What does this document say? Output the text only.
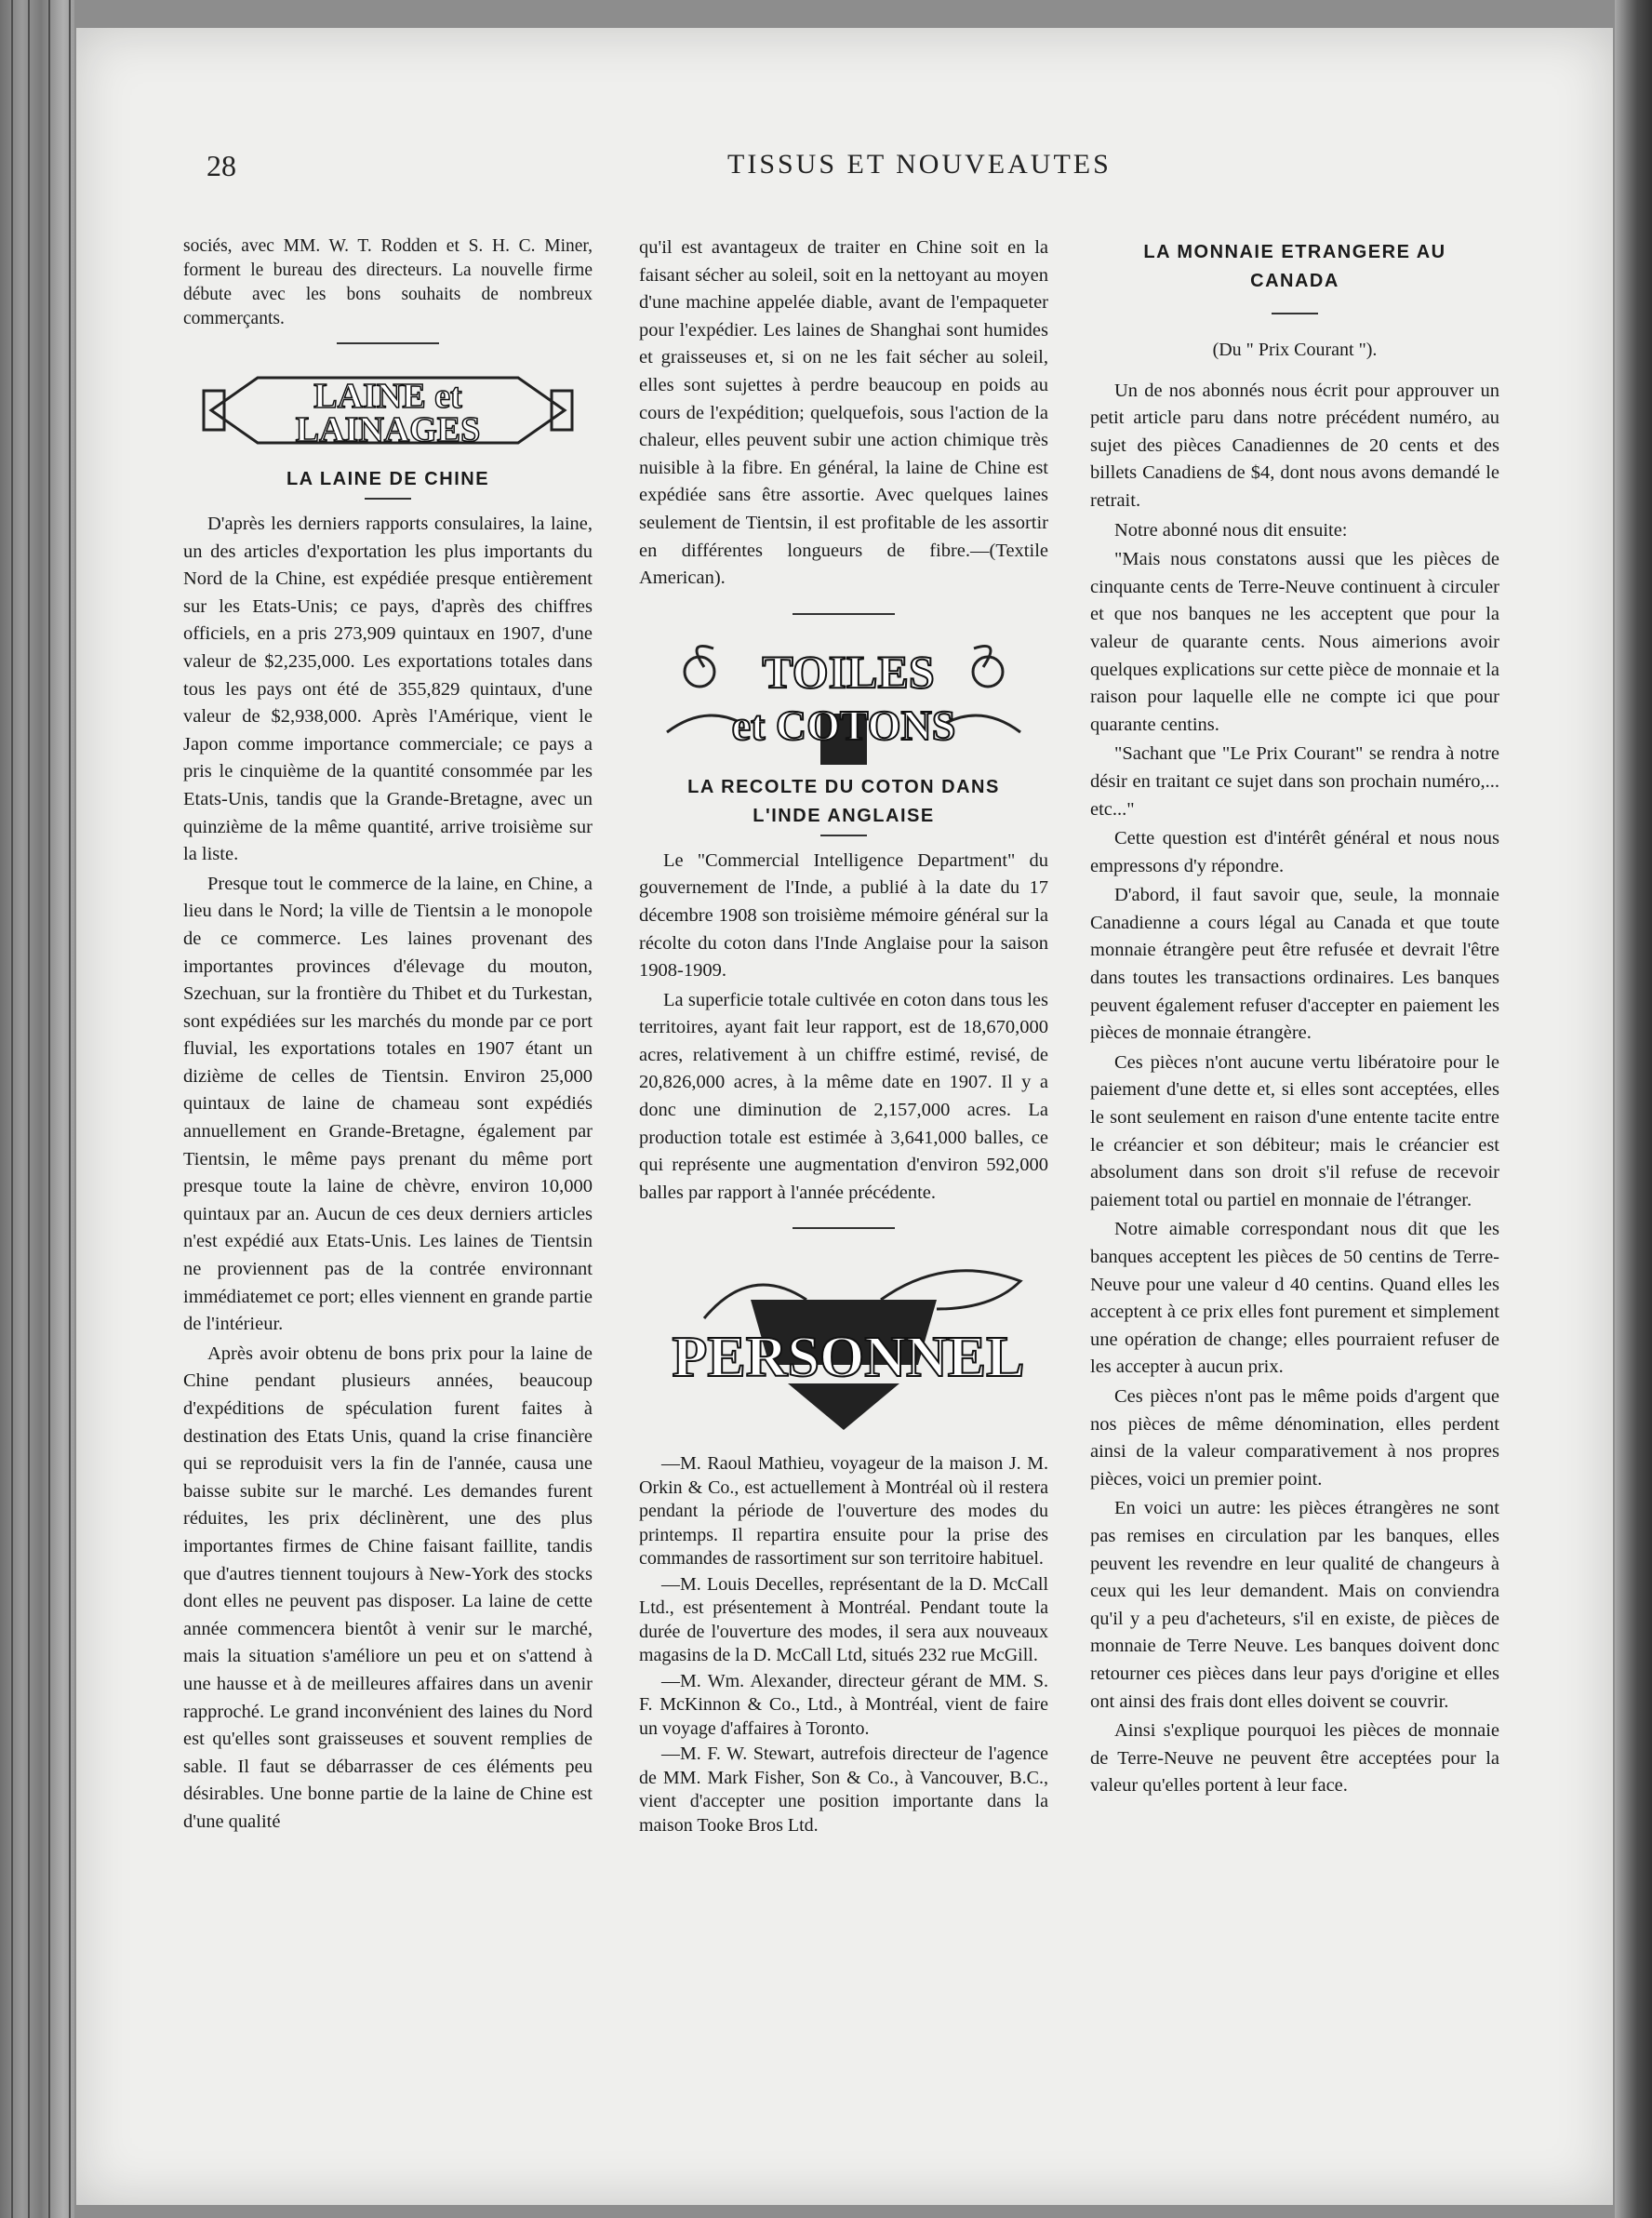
28	TISSUS ET NOUVEAUTES

sociés, avec MM. W. T. Rodden et S. H. C. Miner, forment le bureau des directeurs. La nouvelle firme débute avec les bons souhaits de nombreux commerçants.

LAINE et
LAINAGES
LA LAINE DE CHINE

D'après les derniers rapports consulaires, la laine, un des articles d'exportation les plus importants du Nord de la Chine, est expédiée presque entièrement sur les Etats-Unis; ce pays, d'après des chiffres officiels, en a pris 273,909 quintaux en 1907, d'une valeur de $2,235,000. Les exportations totales dans tous les pays ont été de 355,829 quintaux, d'une valeur de $2,938,000. Après l'Amérique, vient le Japon comme importance commerciale; ce pays a pris le cinquième de la quantité consommée par les Etats-Unis, tandis que la Grande-Bretagne, avec un quinzième de la même quantité, arrive troisième sur la liste.

Presque tout le commerce de la laine, en Chine, a lieu dans le Nord; la ville de Tientsin a le monopole de ce commerce. Les laines provenant des importantes provinces d'élevage du mouton, Szechuan, sur la frontière du Thibet et du Turkestan, sont expédiées sur les marchés du monde par ce port fluvial, les exportations totales en 1907 étant un dizième de celles de Tientsin. Environ 25,000 quintaux de laine de chameau sont expédiés annuellement en Grande-Bretagne, également par Tientsin, le même pays prenant du même port presque toute la laine de chèvre, environ 10,000 quintaux par an. Aucun de ces deux derniers articles n'est expédié aux Etats-Unis. Les laines de Tientsin ne proviennent pas de la contrée environnant immédiatemet ce port; elles viennent en grande partie de l'intérieur.

Après avoir obtenu de bons prix pour la laine de Chine pendant plusieurs années, beaucoup d'expéditions de spéculation furent faites à destination des Etats Unis, quand la crise financière qui se reproduisit vers la fin de l'année, causa une baisse subite sur le marché. Les demandes furent réduites, les prix déclinèrent, une des plus importantes firmes de Chine faisant faillite, tandis que d'autres tiennent toujours à New-York des stocks dont elles ne peuvent pas disposer. La laine de cette année commencera bientôt à venir sur le marché, mais la situation s'améliore un peu et on s'attend à une hausse et à de meilleures affaires dans un avenir rapproché. Le grand inconvénient des laines du Nord est qu'elles sont graisseuses et souvent remplies de sable. Il faut se débarrasser de ces éléments peu désirables. Une bonne partie de la laine de Chine est d'une qualité

qu'il est avantageux de traiter en Chine soit en la faisant sécher au soleil, soit en la nettoyant au moyen d'une machine appelée diable, avant de l'empaqueter pour l'expédier. Les laines de Shanghai sont humides et graisseuses et, si on ne les fait sécher au soleil, elles sont sujettes à perdre beaucoup en poids au cours de l'expédition; quelquefois, sous l'action de la chaleur, elles peuvent subir une action chimique très nuisible à la fibre. En général, la laine de Chine est expédiée sans être assortie. Avec quelques laines seulement de Tientsin, il est profitable de les assortir en différentes longueurs de fibre.—(Textile American).

TOILES
et COTONS
LA RECOLTE DU COTON DANS
L'INDE ANGLAISE

Le "Commercial Intelligence Department" du gouvernement de l'Inde, a publié à la date du 17 décembre 1908 son troisième mémoire général sur la récolte du coton dans l'Inde Anglaise pour la saison 1908-1909.

La superficie totale cultivée en coton dans tous les territoires, ayant fait leur rapport, est de 18,670,000 acres, relativement à un chiffre estimé, revisé, de 20,826,000 acres, à la même date en 1907. Il y a donc une diminution de 2,157,000 acres. La production totale est estimée à 3,641,000 balles, ce qui représente une augmentation d'environ 592,000 balles par rapport à l'année précédente.

PERSONNEL

—M. Raoul Mathieu, voyageur de la maison J. M. Orkin & Co., est actuellement à Montréal où il restera pendant la période de l'ouverture des modes du printemps. Il repartira ensuite pour la prise des commandes de rassortiment sur son territoire habituel.

—M. Louis Decelles, représentant de la D. McCall Ltd., est présentement à Montréal. Pendant toute la durée de l'ouverture des modes, il sera aux nouveaux magasins de la D. McCall Ltd, situés 232 rue McGill.

—M. Wm. Alexander, directeur gérant de MM. S. F. McKinnon & Co., Ltd., à Montréal, vient de faire un voyage d'affaires à Toronto.

—M. F. W. Stewart, autrefois directeur de l'agence de MM. Mark Fisher, Son & Co., à Vancouver, B.C., vient d'accepter une position importante dans la maison Tooke Bros Ltd.

LA MONNAIE ETRANGERE AU
CANADA
(Du " Prix Courant ").

Un de nos abonnés nous écrit pour approuver un petit article paru dans notre précédent numéro, au sujet des pièces Canadiennes de 20 cents et des billets Canadiens de $4, dont nous avons demandé le retrait.

Notre abonné nous dit ensuite:

"Mais nous constatons aussi que les pièces de cinquante cents de Terre-Neuve continuent à circuler et que nos banques ne les acceptent que pour la valeur de quarante cents. Nous aimerions avoir quelques explications sur cette pièce de monnaie et la raison pour laquelle elle ne compte ici que pour quarante centins.

"Sachant que "Le Prix Courant" se rendra à notre désir en traitant ce sujet dans son prochain numéro,... etc..."

Cette question est d'intérêt général et nous nous empressons d'y répondre.

D'abord, il faut savoir que, seule, la monnaie Canadienne a cours légal au Canada et que toute monnaie étrangère peut être refusée et devrait l'être dans toutes les transactions ordinaires. Les banques peuvent également refuser d'accepter en paiement les pièces de monnaie étrangère.

Ces pièces n'ont aucune vertu libératoire pour le paiement d'une dette et, si elles sont acceptées, elles le sont seulement en raison d'une entente tacite entre le créancier et son débiteur; mais le créancier est absolument dans son droit s'il refuse de recevoir paiement total ou partiel en monnaie de l'étranger.

Notre aimable correspondant nous dit que les banques acceptent les pièces de 50 centins de Terre-Neuve pour une valeur d 40 centins. Quand elles les acceptent à ce prix elles font purement et simplement une opération de change; elles pourraient refuser de les accepter à aucun prix.

Ces pièces n'ont pas le même poids d'argent que nos pièces de même dénomination, elles perdent ainsi de la valeur comparativement à nos propres pièces, voici un premier point.

En voici un autre: les pièces étrangères ne sont pas remises en circulation par les banques, elles peuvent les revendre en leur qualité de changeurs à ceux qui les leur demandent. Mais on conviendra qu'il y a peu d'acheteurs, s'il en existe, de pièces de monnaie de Terre Neuve. Les banques doivent donc retourner ces pièces dans leur pays d'origine et elles ont ainsi des frais dont elles doivent se couvrir.

Ainsi s'explique pourquoi les pièces de monnaie de Terre-Neuve ne peuvent être acceptées pour la valeur qu'elles portent à leur face.
